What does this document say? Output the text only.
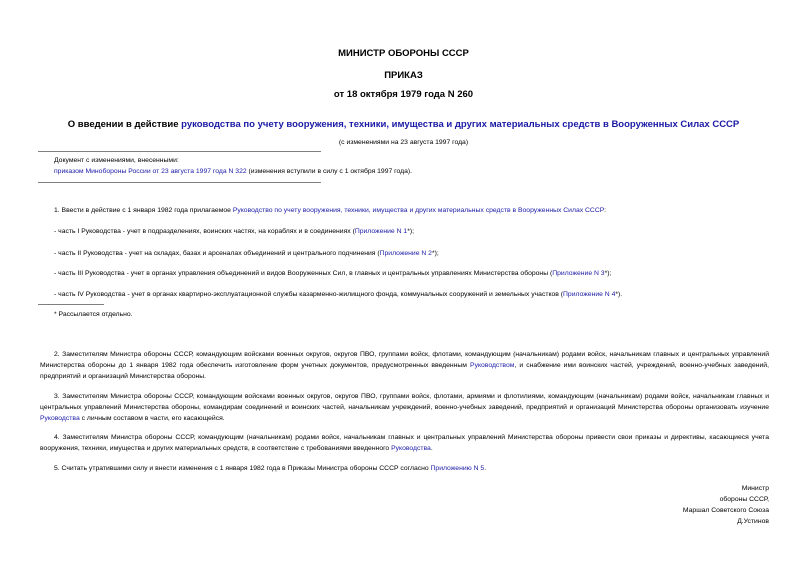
МИНИСТР ОБОРОНЫ СССР
ПРИКАЗ
от 18 октября 1979 года N 260
О введении в действие руководства по учету вооружения, техники, имущества и других материальных средств в Вооруженных Силах СССР
(с изменениями на 23 августа 1997 года)
Документ с изменениями, внесенными:
приказом Минобороны России от 23 августа 1997 года N 322 (изменения вступили в силу с 1 октября 1997 года).
1. Ввести в действие с 1 января 1982 года прилагаемое Руководство по учету вооружения, техники, имущества и других материальных средств в Вооруженных Силах СССР:
- часть I Руководства - учет в подразделениях, воинских частях, на кораблях и в соединениях (Приложение N 1*);
- часть II Руководства - учет на складах, базах и арсеналах объединений и центрального подчинения (Приложение N 2*);
- часть III Руководства - учет в органах управления объединений и видов Вооруженных Сил, в главных и центральных управлениях Министерства обороны (Приложение N 3*);
- часть IV Руководства - учет в органах квартирно-эксплуатационной службы казарменно-жилищного фонда, коммунальных сооружений и земельных участков (Приложение N 4*).
* Рассылается отдельно.
2. Заместителям Министра обороны СССР, командующим войсками военных округов, округов ПВО, группами войск, флотами, командующим (начальникам) родами войск, начальникам главных и центральных управлений Министерства обороны до 1 января 1982 года обеспечить изготовление форм учетных документов, предусмотренных введенным Руководством, и снабжение ими воинских частей, учреждений, военно-учебных заведений, предприятий и организаций Министерства обороны.
3. Заместителям Министра обороны СССР, командующим войсками военных округов, округов ПВО, группами войск, флотами, армиями и флотилиями, командующим (начальникам) родами войск, начальникам главных и центральных управлений Министерства обороны, командирам соединений и воинских частей, начальникам учреждений, военно-учебных заведений, предприятий и организаций Министерства обороны организовать изучение Руководства с личным составом в части, его касающейся.
4. Заместителям Министра обороны СССР, командующим (начальникам) родами войск, начальникам главных и центральных управлений Министерства обороны привести свои приказы и директивы, касающиеся учета вооружения, техники, имущества и других материальных средств, в соответствие с требованиями введенного Руководства.
5. Считать утратившими силу и внести изменения с 1 января 1982 года в Приказы Министра обороны СССР согласно Приложению N 5.
Министр
обороны СССР,
Маршал Советского Союза
Д.Устинов
